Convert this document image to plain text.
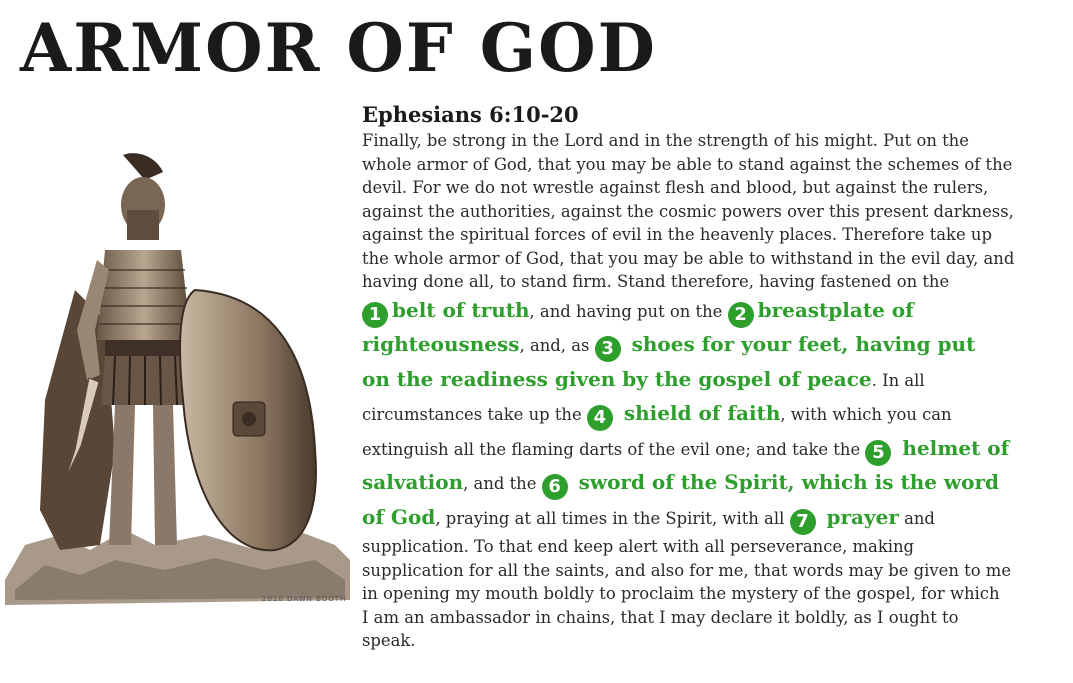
ARMOR OF GOD
2010 DAWN BOOTH
Ephesians 6:10-20
Finally, be strong in the Lord and in the strength of his might. Put on the
whole armor of God, that you may be able to stand against the schemes of the
devil. For we do not wrestle against flesh and blood, but against the rulers,
against the authorities, against the cosmic powers over this present darkness,
against the spiritual forces of evil in the heavenly places. Therefore take up
the whole armor of God, that you may be able to withstand in the evil day, and
having done all, to stand firm. Stand therefore, having fastened on the
1 belt of truth, and having put on the 2 breastplate of
righteousness, and, as 3 shoes for your feet, having put
on the readiness given by the gospel of peace. In all
circumstances take up the 4 shield of faith, with which you can
extinguish all the flaming darts of the evil one; and take the 5 helmet of
salvation, and the 6 sword of the Spirit, which is the word
of God, praying at all times in the Spirit, with all 7 prayer and
supplication. To that end keep alert with all perseverance, making
supplication for all the saints, and also for me, that words may be given to me
in opening my mouth boldly to proclaim the mystery of the gospel, for which
I am an ambassador in chains, that I may declare it boldly, as I ought to
speak.
